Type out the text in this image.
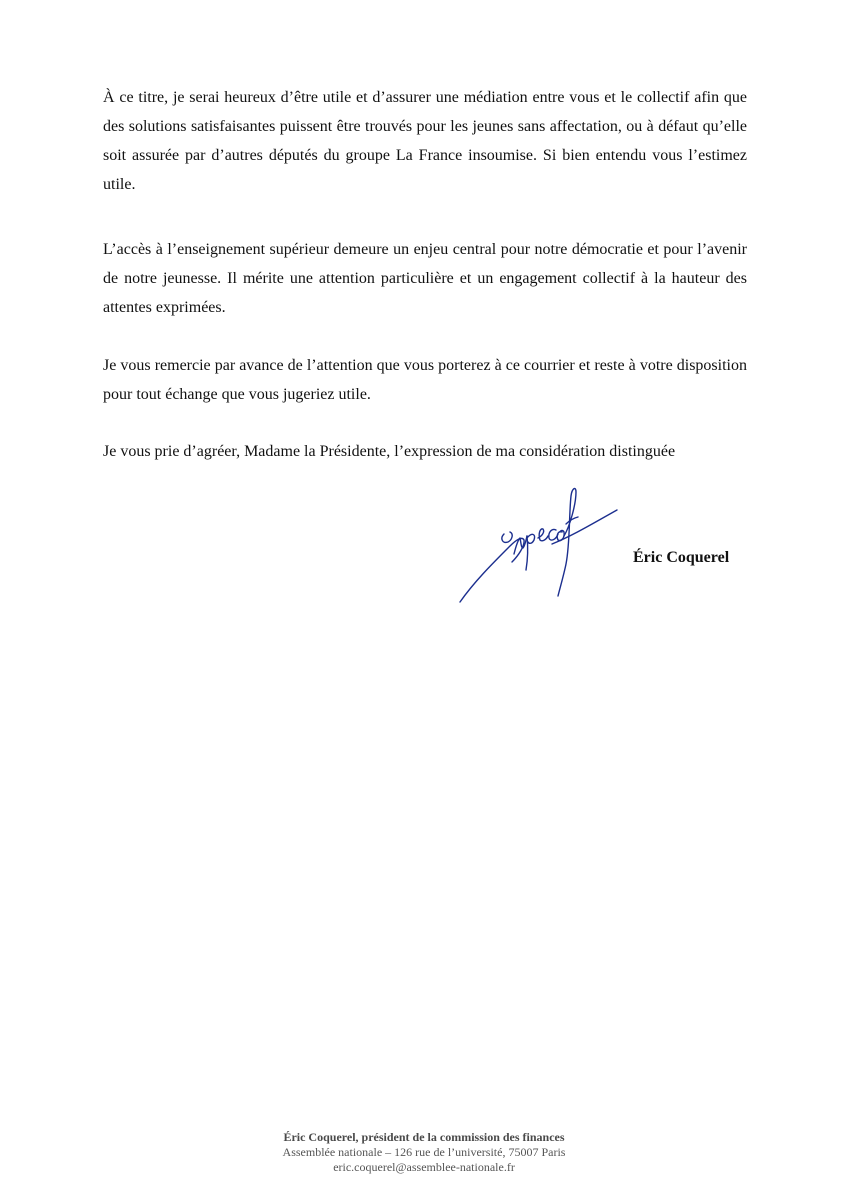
À ce titre, je serai heureux d’être utile et d’assurer une médiation entre vous et le collectif afin que des solutions satisfaisantes puissent être trouvés pour les jeunes sans affectation, ou à défaut qu’elle soit assurée par d’autres députés du groupe La France insoumise. Si bien entendu vous l’estimez utile.

L’accès à l’enseignement supérieur demeure un enjeu central pour notre démocratie et pour l’avenir de notre jeunesse. Il mérite une attention particulière et un engagement collectif à la hauteur des attentes exprimées.

Je vous remercie par avance de l’attention que vous porterez à ce courrier et reste à votre disposition pour tout échange que vous jugeriez utile.

Je vous prie d’agréer, Madame la Présidente, l’expression de ma considération distinguée

Éric Coquerel
Éric Coquerel, président de la commission des finances
Assemblée nationale – 126 rue de l’université, 75007 Paris
eric.coquerel@assemblee-nationale.fr
